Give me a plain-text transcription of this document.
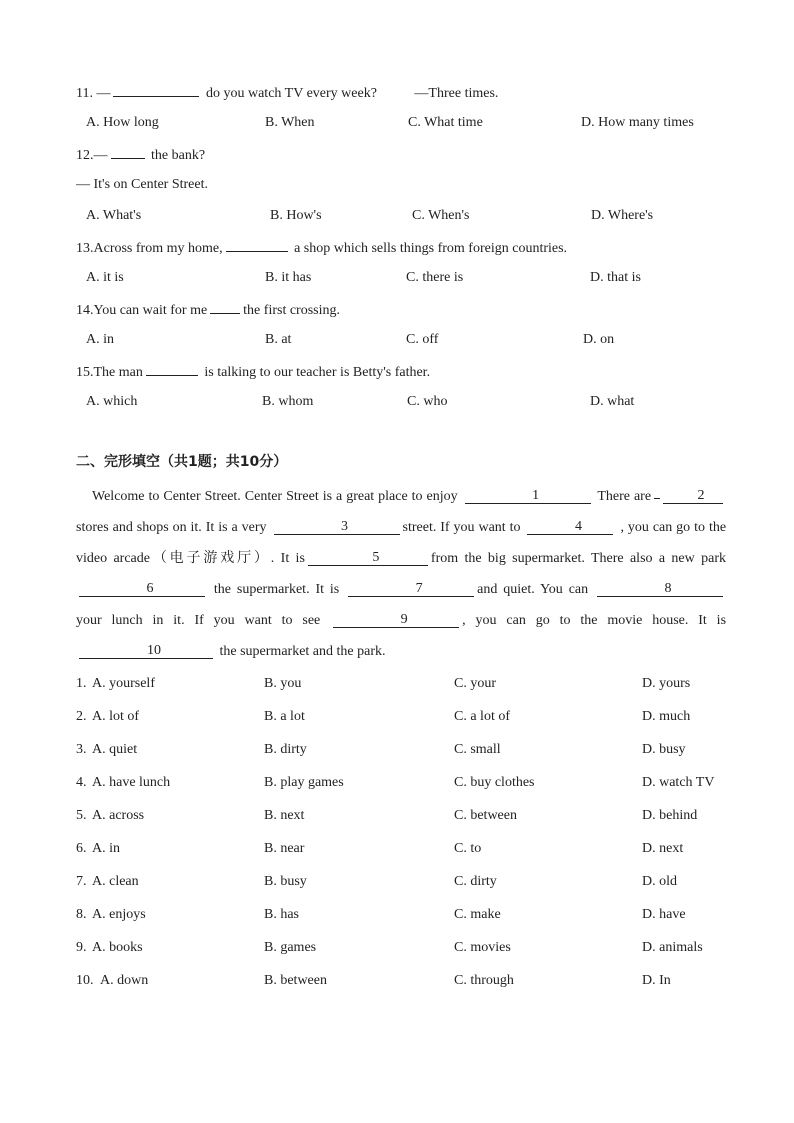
11. —	do you watch TV every week?	—Three times.
A. How long	B. When	C. What time	D. How many times
12.—	the bank?
— It's on Center Street.
A. What's	B. How's	C. When's	D. Where's
13.Across from my home,	a shop which sells things from foreign countries.
A. it is	B. it has	C. there is	D. that is
14.You can wait for me	the first crossing.
A. in	B. at	C. off	D. on
15.The man	is talking to our teacher is Betty's father.
A. which	B. whom	C. who	D. what
二、完形填空（共1题；共10分）
Welcome to Center Street. Center Street is a great place to enjoy	1	There are	2stores and shops on it. It is a very	3	street. If you want to	4	, you can go to the video arcade（电子游戏厅）. It is	5	from the big supermarket. There also a new park 6	the supermarket. It is	7	and quiet. You can	8your lunch in it. If you want to see	9	, you can go to the movie house. It is 10	the supermarket and the park.
1. A. yourself	B. you	C. your	D. yours
2. A. lot of	B. a lot	C. a lot of	D. much
3. A. quiet	B. dirty	C. small	D. busy
4. A. have lunch	B. play games	C. buy clothes	D. watch TV
5. A. across	B. next	C. between	D. behind
6. A. in	B. near	C. to	D. next
7. A. clean	B. busy	C. dirty	D. old
8. A. enjoys	B. has	C. make	D. have
9. A. books	B. games	C. movies	D. animals
10. A. down	B. between	C. through	D. In
